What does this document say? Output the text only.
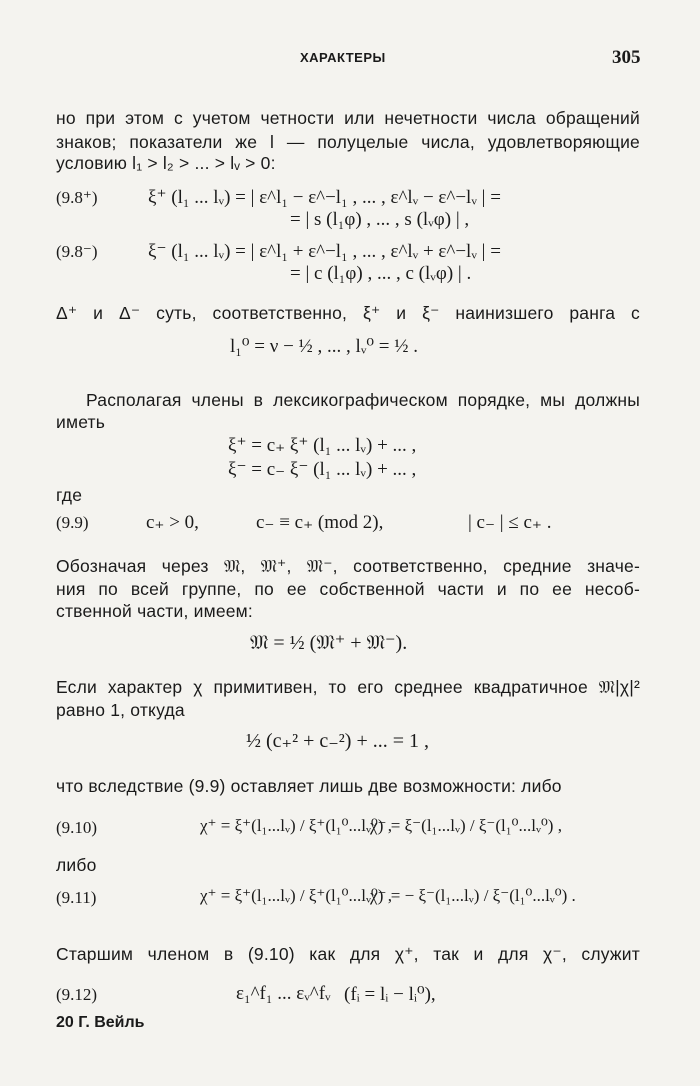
ХАРАКТЕРЫ	305
но при этом с учетом четности или нечетности числа обращений
знаков; показатели же l — полуцелые числа, удовлетворяющие
условию l₁ > l₂ > ... > lᵥ > 0:
(9.8⁺)	ξ⁺ (l₁ ... lᵥ) = | ε^l₁ − ε^−l₁ , ... , ε^lᵥ − ε^−lᵥ | =
= | s (l₁φ) , ... , s (lᵥφ) | ,
(9.8⁻)	ξ⁻ (l₁ ... lᵥ) = | ε^l₁ + ε^−l₁ , ... , ε^lᵥ + ε^−lᵥ | =
= | c (l₁φ) , ... , c (lᵥφ) | .
Δ⁺ и Δ⁻ суть, соответственно, ξ⁺ и ξ⁻ наинизшего ранга с
l₁⁰ = ν − ½ , ... , lᵥ⁰ = ½ .
Располагая члены в лексикографическом порядке, мы должны
иметь
ξ⁺ = c₊ ξ⁺ (l₁ ... lᵥ) + ... ,
ξ⁻ = c₋ ξ⁻ (l₁ ... lᵥ) + ... ,
где
(9.9)	c₊ > 0,	c₋ ≡ c₊ (mod 2),	| c₋ | ≤ c₊ .
Обозначая через 𝔐, 𝔐⁺, 𝔐⁻, соответственно, средние значе-
ния по всей группе, по ее собственной части и по ее несоб-
ственной части, имеем:
𝔐 = ½ (𝔐⁺ + 𝔐⁻).
Если характер χ примитивен, то его среднее квадратичное 𝔐|χ|²
равно 1, откуда
½ (c₊² + c₋²) + ... = 1 ,
что вследствие (9.9) оставляет лишь две возможности: либо
(9.10)	χ⁺ = ξ⁺(l₁...lᵥ) / ξ⁺(l₁⁰...lᵥ⁰) ,
χ⁻ = ξ⁻(l₁...lᵥ) / ξ⁻(l₁⁰...lᵥ⁰) ,
либо
(9.11)	χ⁺ = ξ⁺(l₁...lᵥ) / ξ⁺(l₁⁰...lᵥ⁰) ,
χ⁻ = − ξ⁻(l₁...lᵥ) / ξ⁻(l₁⁰...lᵥ⁰) .
Старшим членом в (9.10) как для χ⁺, так и для χ⁻, служит
(9.12)	ε₁^f₁ ... εᵥ^fᵥ (fᵢ = lᵢ − lᵢ⁰),
20 Г. Вейль
